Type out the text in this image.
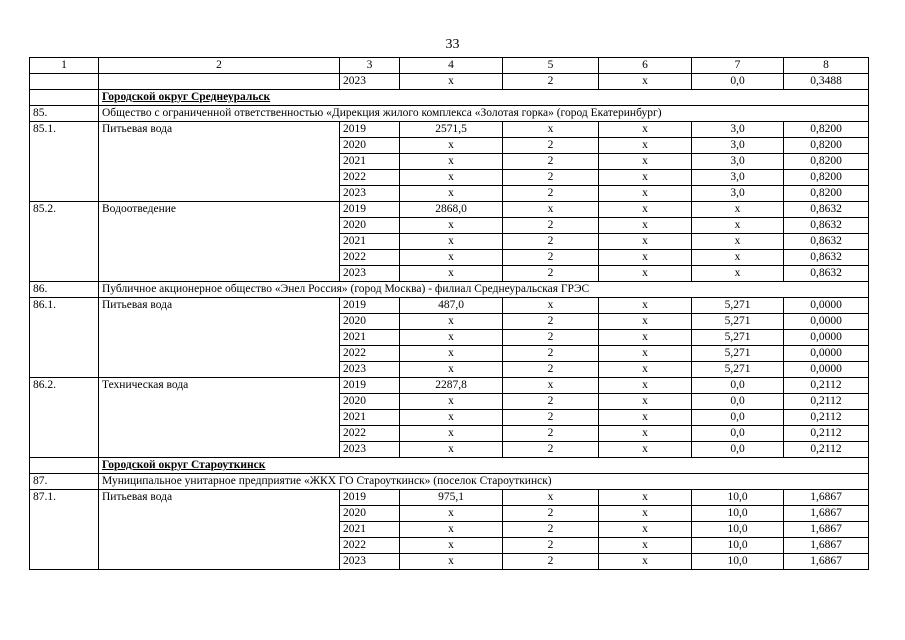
33
1	2	3	4	5	6	7	8
		2023	x	2	x	0,0	0,3488
	Городской округ Среднеуральск						
85.	Общество с ограниченной ответственностью «Дирекция жилого комплекса «Золотая горка» (город Екатеринбург)						
85.1.	Питьевая вода	2019	2571,5	x	x	3,0	0,8200
		2020	x	2	x	3,0	0,8200
		2021	x	2	x	3,0	0,8200
		2022	x	2	x	3,0	0,8200
		2023	x	2	x	3,0	0,8200
85.2.	Водоотведение	2019	2868,0	x	x	x	0,8632
		2020	x	2	x	x	0,8632
		2021	x	2	x	x	0,8632
		2022	x	2	x	x	0,8632
		2023	x	2	x	x	0,8632
86.	Публичное акционерное общество «Энел Россия» (город Москва) - филиал Среднеуральская ГРЭС						
86.1.	Питьевая вода	2019	487,0	x	x	5,271	0,0000
		2020	x	2	x	5,271	0,0000
		2021	x	2	x	5,271	0,0000
		2022	x	2	x	5,271	0,0000
		2023	x	2	x	5,271	0,0000
86.2.	Техническая вода	2019	2287,8	x	x	0,0	0,2112
		2020	x	2	x	0,0	0,2112
		2021	x	2	x	0,0	0,2112
		2022	x	2	x	0,0	0,2112
		2023	x	2	x	0,0	0,2112
	Городской округ Староуткинск						
87.	Муниципальное унитарное предприятие «ЖКХ ГО Староуткинск» (поселок Староуткинск)						
87.1.	Питьевая вода	2019	975,1	x	x	10,0	1,6867
		2020	x	2	x	10,0	1,6867
		2021	x	2	x	10,0	1,6867
		2022	x	2	x	10,0	1,6867
		2023	x	2	x	10,0	1,6867
